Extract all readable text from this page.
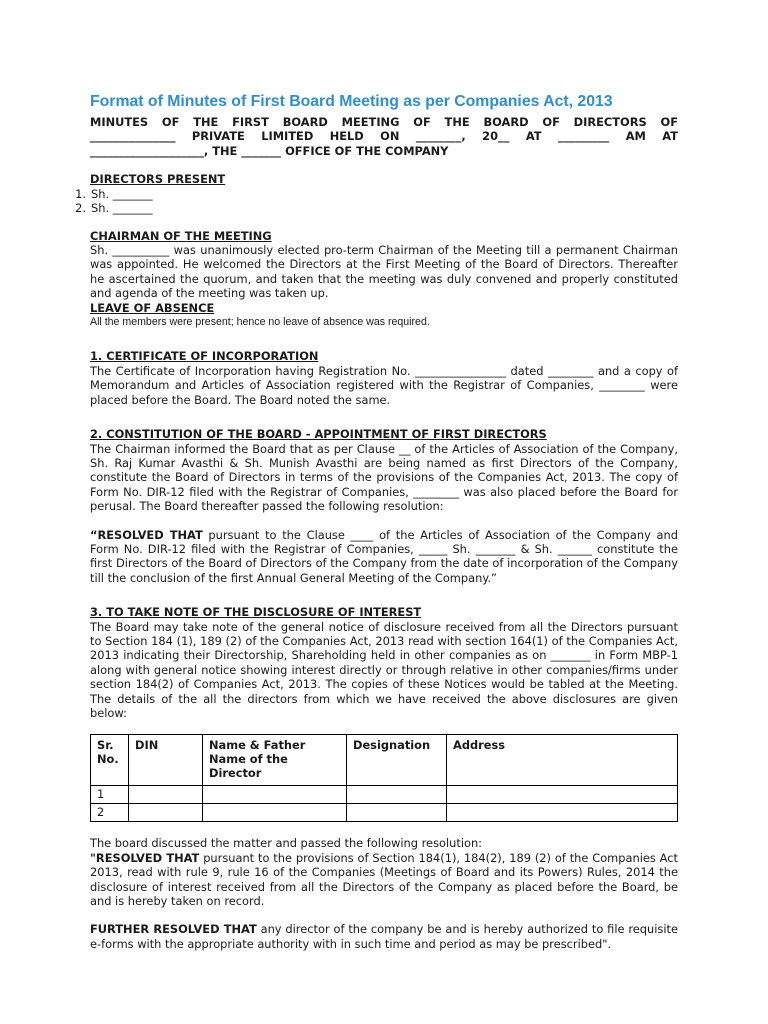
Format of Minutes of First Board Meeting as per Companies Act, 2013

MINUTES OF THE FIRST BOARD MEETING OF THE BOARD OF DIRECTORS OF

_______________ PRIVATE LIMITED HELD ON ________, 20__ AT _________ AM AT

____________________, THE _______ OFFICE OF THE COMPANY

DIRECTORS PRESENT

1. Sh. _______
2. Sh. _______

CHAIRMAN OF THE MEETING

Sh. __________ was unanimously elected pro-term Chairman of the Meeting till a permanent Chairman was appointed. He welcomed the Directors at the First Meeting of the Board of Directors. Thereafter he ascertained the quorum, and taken that the meeting was duly convened and properly constituted and agenda of the meeting was taken up.

LEAVE OF ABSENCE

All the members were present; hence no leave of absence was required.

1. CERTIFICATE OF INCORPORATION

The Certificate of Incorporation having Registration No. ________________ dated ________ and a copy of Memorandum and Articles of Association registered with the Registrar of Companies, ________ were placed before the Board. The Board noted the same.

2. CONSTITUTION OF THE BOARD - APPOINTMENT OF FIRST DIRECTORS

The Chairman informed the Board that as per Clause __ of the Articles of Association of the Company, Sh. Raj Kumar Avasthi & Sh. Munish Avasthi are being named as first Directors of the Company, constitute the Board of Directors in terms of the provisions of the Companies Act, 2013. The copy of Form No. DIR-12 filed with the Registrar of Companies, ________ was also placed before the Board for perusal. The Board thereafter passed the following resolution:

“RESOLVED THAT pursuant to the Clause ____ of the Articles of Association of the Company and Form No. DIR-12 filed with the Registrar of Companies, _____ Sh. _______ & Sh. ______ constitute the first Directors of the Board of Directors of the Company from the date of incorporation of the Company till the conclusion of the first Annual General Meeting of the Company.”

3. TO TAKE NOTE OF THE DISCLOSURE OF INTEREST

The Board may take note of the general notice of disclosure received from all the Directors pursuant to Section 184 (1), 189 (2) of the Companies Act, 2013 read with section 164(1) of the Companies Act, 2013 indicating their Directorship, Shareholding held in other companies as on _______ in Form MBP-1 along with general notice showing interest directly or through relative in other companies/firms under section 184(2) of Companies Act, 2013. The copies of these Notices would be tabled at the Meeting. The details of the all the directors from which we have received the above disclosures are given below:

Sr. No.	DIN	Name & Father Name of the Director	Designation	Address
1				
2				

The board discussed the matter and passed the following resolution:

"RESOLVED THAT pursuant to the provisions of Section 184(1), 184(2), 189 (2) of the Companies Act 2013, read with rule 9, rule 16 of the Companies (Meetings of Board and its Powers) Rules, 2014 the disclosure of interest received from all the Directors of the Company as placed before the Board, be and is hereby taken on record.

FURTHER RESOLVED THAT any director of the company be and is hereby authorized to file requisite e-forms with the appropriate authority with in such time and period as may be prescribed".
